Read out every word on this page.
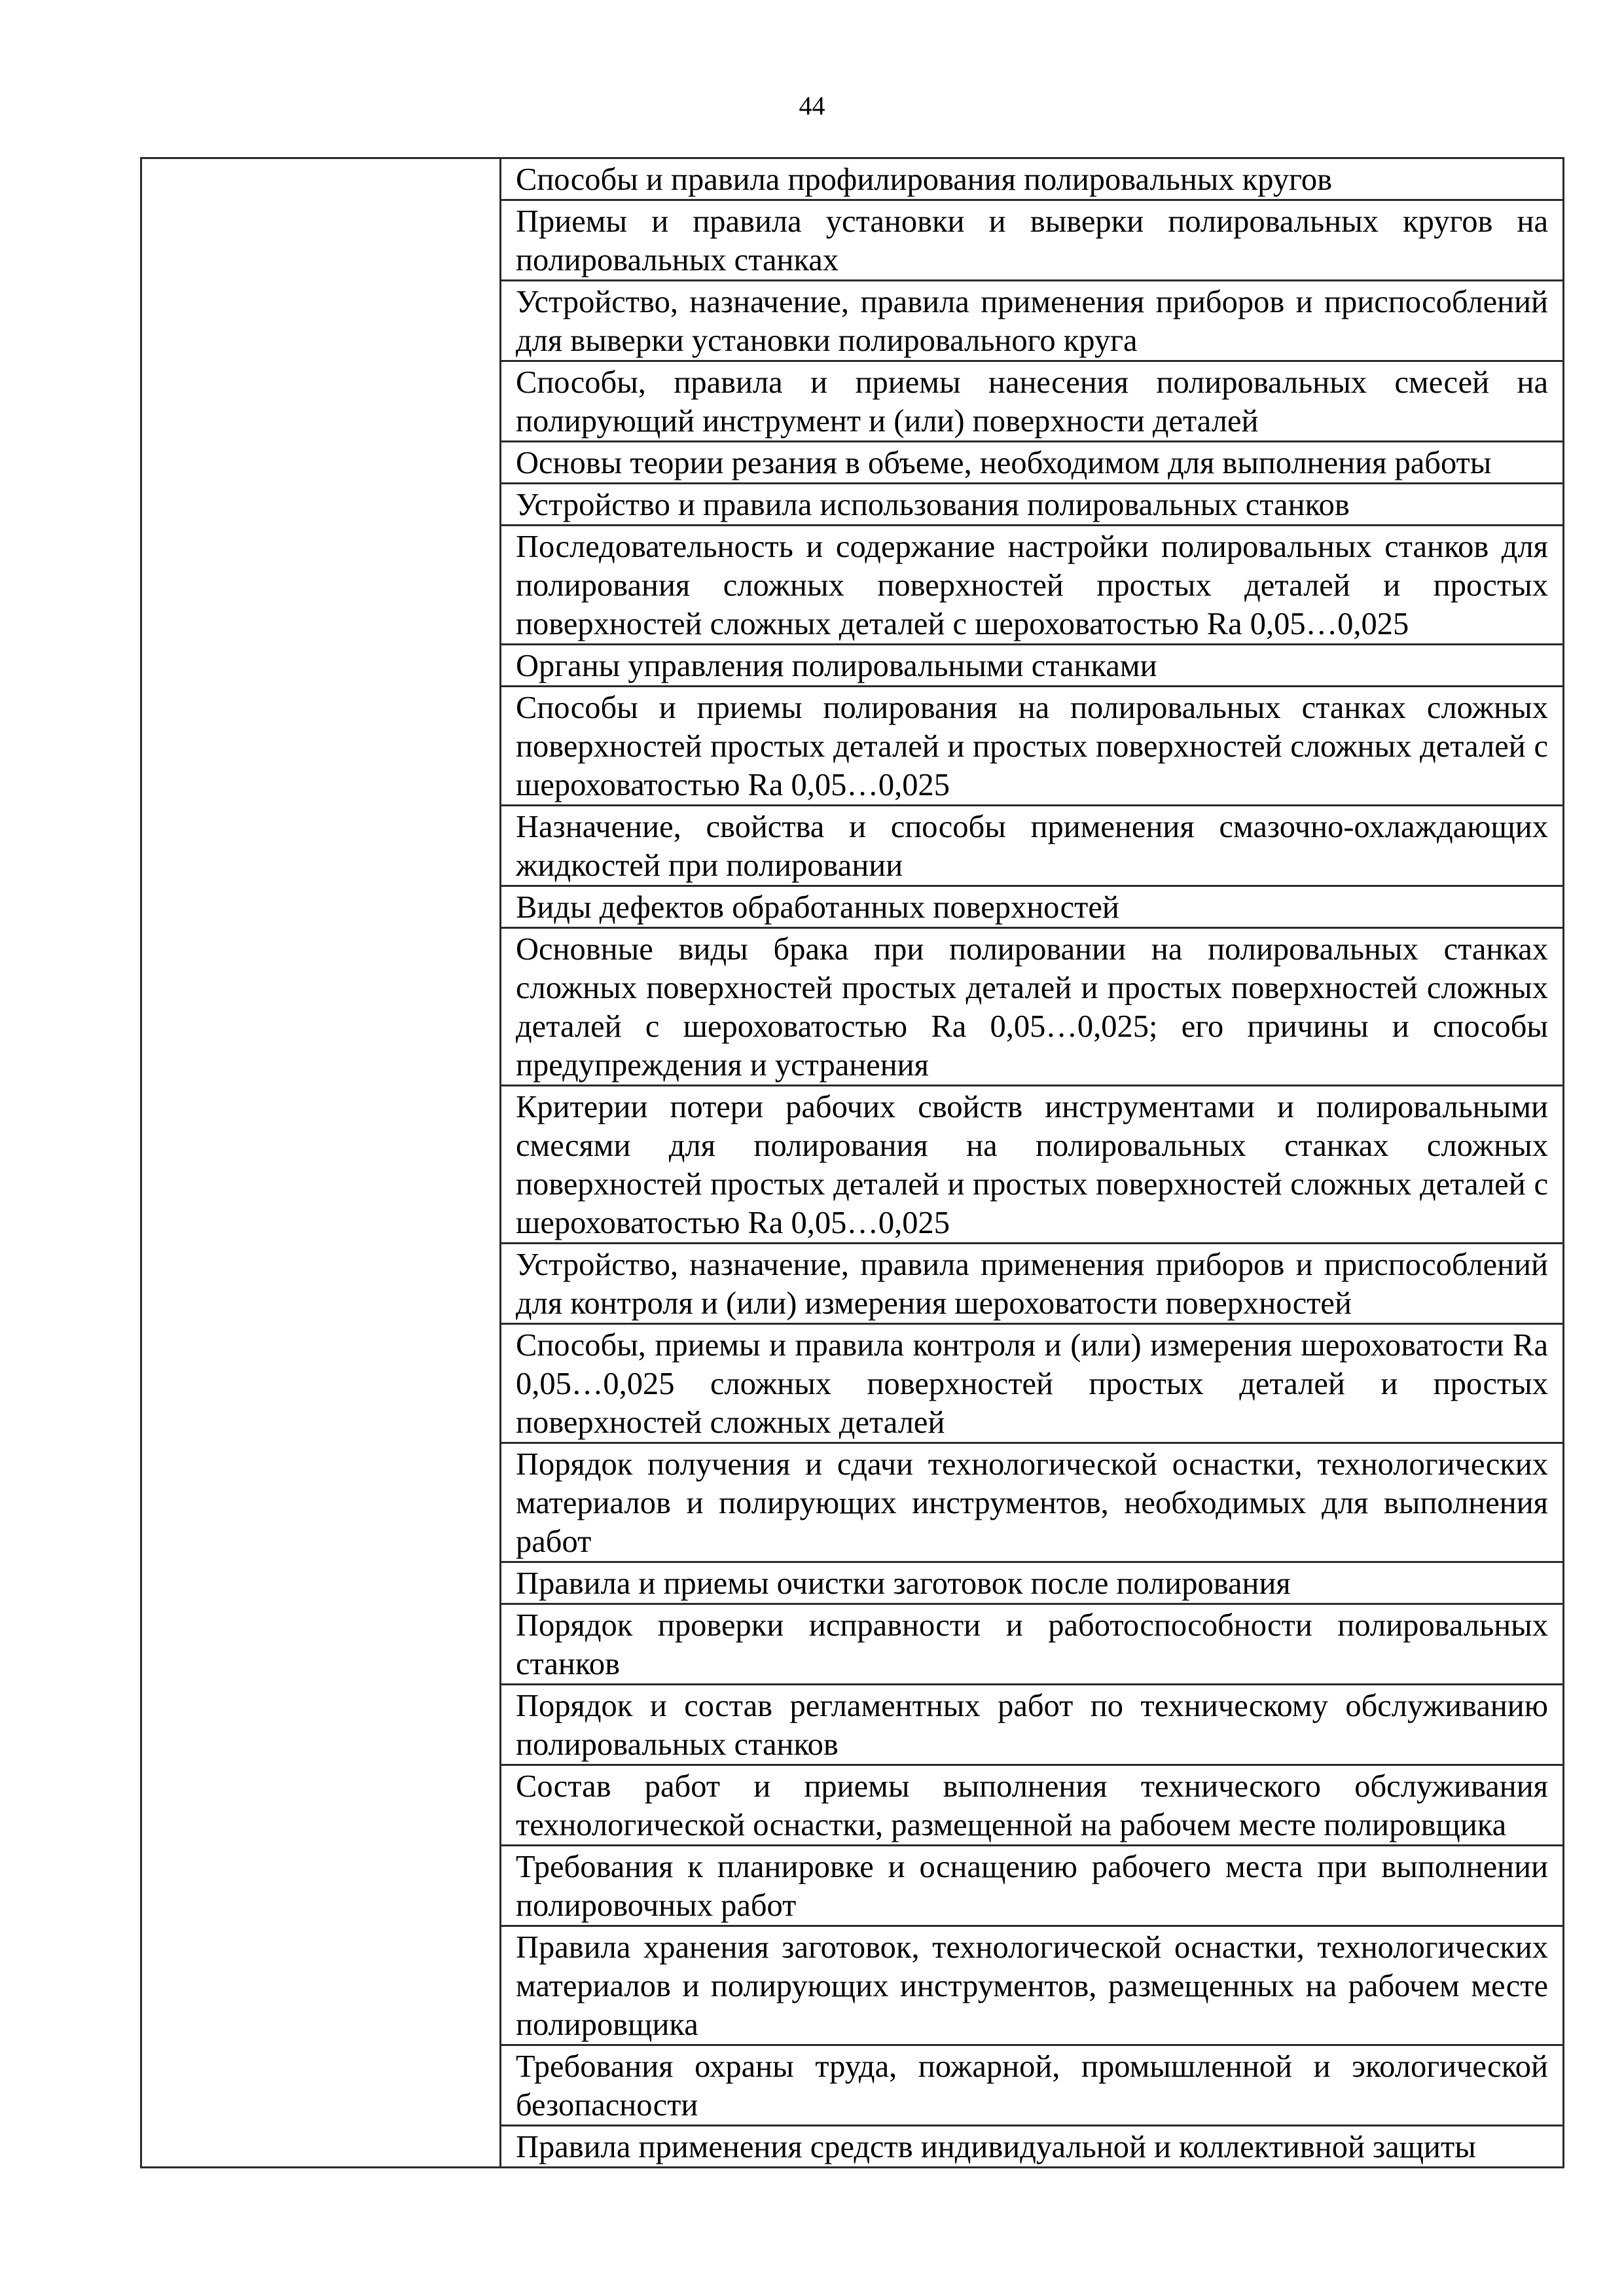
44

Способы и правила профилирования полировальных кругов

Приемы и правила установки и выверки полировальных кругов на полировальных станках

Устройство, назначение, правила применения приборов и приспособлений для выверки установки полировального круга

Способы, правила и приемы нанесения полировальных смесей на полирующий инструмент и (или) поверхности деталей

Основы теории резания в объеме, необходимом для выполнения работы

Устройство и правила использования полировальных станков

Последовательность и содержание настройки полировальных станков для полирования сложных поверхностей простых деталей и простых поверхностей сложных деталей с шероховатостью Ra 0,05…0,025

Органы управления полировальными станками

Способы и приемы полирования на полировальных станках сложных поверхностей простых деталей и простых поверхностей сложных деталей с шероховатостью Ra 0,05…0,025

Назначение, свойства и способы применения смазочно-охлаждающих жидкостей при полировании

Виды дефектов обработанных поверхностей

Основные виды брака при полировании на полировальных станках сложных поверхностей простых деталей и простых поверхностей сложных деталей с шероховатостью Ra 0,05…0,025; его причины и способы предупреждения и устранения

Критерии потери рабочих свойств инструментами и полировальными смесями для полирования на полировальных станках сложных поверхностей простых деталей и простых поверхностей сложных деталей с шероховатостью Ra 0,05…0,025

Устройство, назначение, правила применения приборов и приспособлений для контроля и (или) измерения шероховатости поверхностей

Способы, приемы и правила контроля и (или) измерения шероховатости Ra 0,05…0,025 сложных поверхностей простых деталей и простых поверхностей сложных деталей

Порядок получения и сдачи технологической оснастки, технологических материалов и полирующих инструментов, необходимых для выполнения работ

Правила и приемы очистки заготовок после полирования

Порядок проверки исправности и работоспособности полировальных станков

Порядок и состав регламентных работ по техническому обслуживанию полировальных станков

Состав работ и приемы выполнения технического обслуживания технологической оснастки, размещенной на рабочем месте полировщика

Требования к планировке и оснащению рабочего места при выполнении полировочных работ

Правила хранения заготовок, технологической оснастки, технологических материалов и полирующих инструментов, размещенных на рабочем месте полировщика

Требования охраны труда, пожарной, промышленной и экологической безопасности

Правила применения средств индивидуальной и коллективной защиты
